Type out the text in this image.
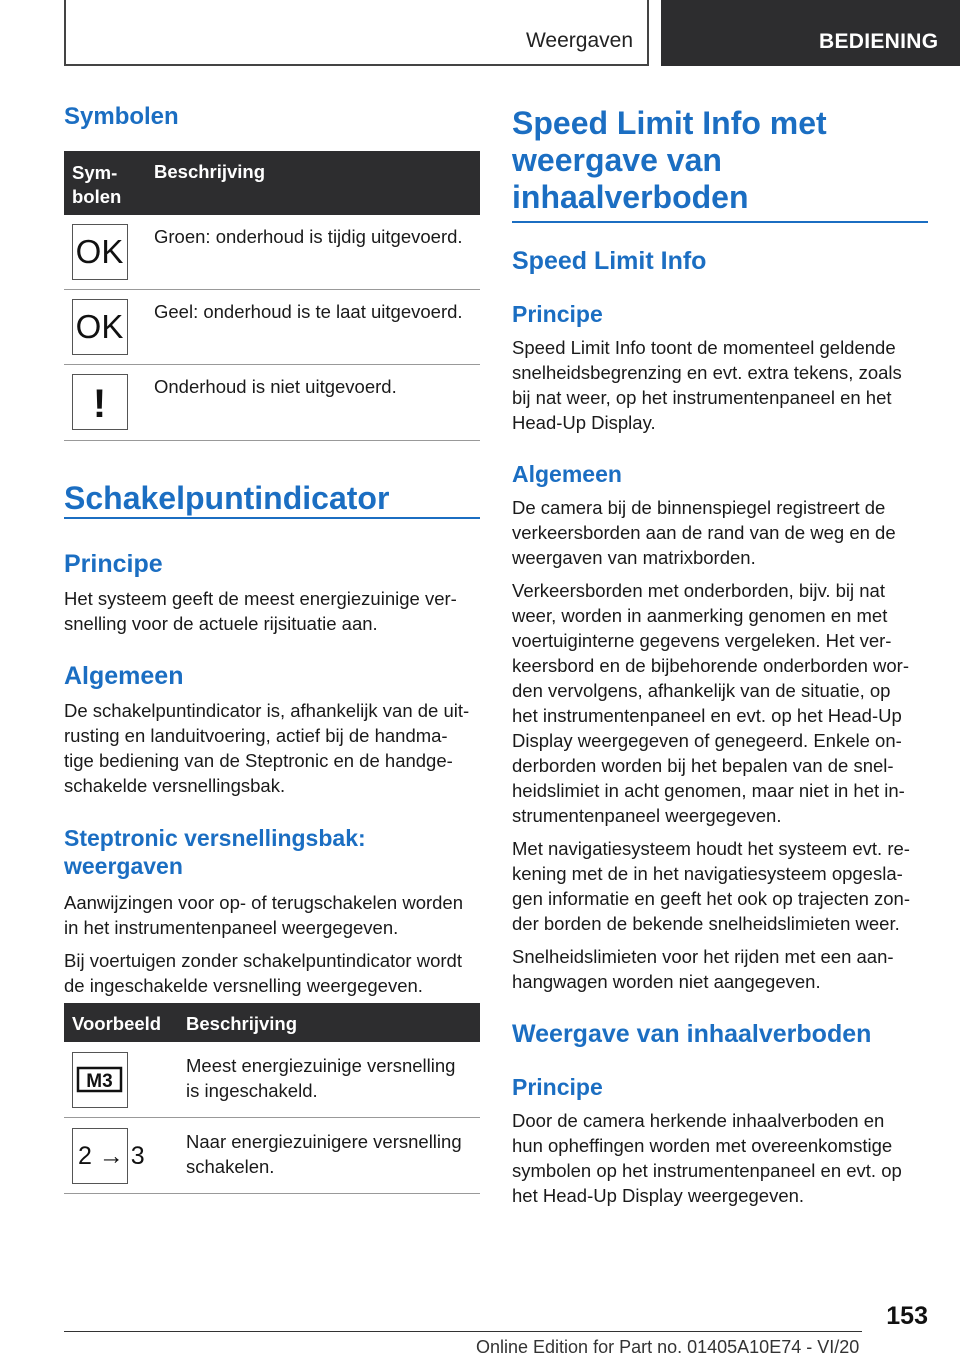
Weergaven	BEDIENING
Symbolen
Sym-
bolen
Beschrijving
OK Groen: onderhoud is tijdig uitgevoerd.
OK Geel: onderhoud is te laat uitgevoerd.
!	Onderhoud is niet uitgevoerd.
Schakelpuntindicator
Principe
Het systeem geeft de meest energiezuinige ver-
snelling voor de actuele rijsituatie aan.
Algemeen
De schakelpuntindicator is, afhankelijk van de uit-
rusting en landuitvoering, actief bij de handma-
tige bediening van de Steptronic en de handge-
schakelde versnellingsbak.
Steptronic versnellingsbak:
weergaven
Aanwijzingen voor op- of terugschakelen worden
in het instrumentenpaneel weergegeven.
Bij voertuigen zonder schakelpuntindicator wordt
de ingeschakelde versnelling weergegeven.
Voorbeeld Beschrijving
M3
Meest energiezuinige versnelling
is ingeschakeld.
2 → 3
Naar energiezuinigere versnelling
schakelen.
Speed Limit Info met
weergave van
inhaalverboden
Speed Limit Info
Principe
Speed Limit Info toont de momenteel geldende
snelheidsbegrenzing en evt. extra tekens, zoals
bij nat weer, op het instrumentenpaneel en het
Head-Up Display.
Algemeen
De camera bij de binnenspiegel registreert de
verkeersborden aan de rand van de weg en de
weergaven van matrixborden.
Verkeersborden met onderborden, bijv. bij nat
weer, worden in aanmerking genomen en met
voertuiginterne gegevens vergeleken. Het ver-
keersbord en de bijbehorende onderborden wor-
den vervolgens, afhankelijk van de situatie, op
het instrumentenpaneel en evt. op het Head-Up
Display weergegeven of genegeerd. Enkele on-
derborden worden bij het bepalen van de snel-
heidslimiet in acht genomen, maar niet in het in-
strumentenpaneel weergegeven.
Met navigatiesysteem houdt het systeem evt. re-
kening met de in het navigatiesysteem opgesla-
gen informatie en geeft het ook op trajecten zon-
der borden de bekende snelheidslimieten weer.
Snelheidslimieten voor het rijden met een aan-
hangwagen worden niet aangegeven.
Weergave van inhaalverboden
Principe
Door de camera herkende inhaalverboden en
hun opheffingen worden met overeenkomstige
symbolen op het instrumentenpaneel en evt. op
het Head-Up Display weergegeven.
153
Online Edition for Part no. 01405A10E74 - VI/20
